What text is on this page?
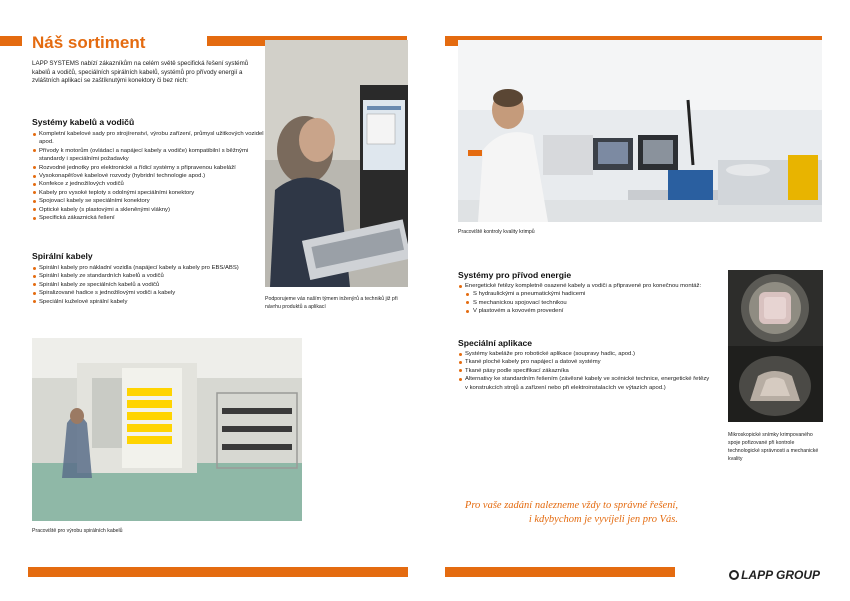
Náš sortiment
LAPP SYSTEMS nabízí zákazníkům na celém světě specifická řešení systémů kabelů a vodičů, speciálních spirálních kabelů, systémů pro přívody energií a zvláštních aplikací se zaštíknutými konektory či bez nich:
Systémy kabelů a vodičů
Kompletní kabelové sady pro strojírenství, výrobu zařízení, průmysl užitkových vozidel apod.
Přívody k motorům (ovládací a napájecí kabely a vodiče) kompatibilní s běžnými standardy i speciálními požadavky
Rozvodné jednotky pro elektronické a řídicí systémy s připravenou kabeláží
Vysokonapěťové kabelové rozvody (hybridní technologie apod.)
Konfekce z jednožilových vodičů
Kabely pro vysoké teploty s odolnými speciálními konektory
Spojovací kabely se speciálními konektory
Optické kabely (s plastovými a skleněnými vlákny)
Specifická zákaznická řešení
Spirální kabely
Spirální kabely pro nákladní vozidla (napájecí kabely a kabely pro EBS/ABS)
Spirální kabely ze standardních kabelů a vodičů
Spirální kabely ze speciálních kabelů a vodičů
Spiralizované hadice s jednožilovými vodiči a kabely
Speciální kuželové spirální kabely	Podporujeme vás naším týmem inženýrů a techniků již při návrhu produktů a aplikací
Pracoviště kontroly kvality krimpů
Pracoviště pro výrobu spirálních kabelů
Systémy pro přívod energie
Energetické řetězy kompletně osazené kabely a vodiči a připravené pro konečnou montáž:
S hydraulickými a pneumatickými hadicemi
S mechanickou spojovací technikou
V plastovém a kovovém provedení
Speciální aplikace
Systémy kabeláže pro robotické aplikace (soupravy hadic, apod.)
Tkané ploché kabely pro napájecí a datové systémy
Tkané pásy podle specifikací zákazníka
Alternativy ke standardním řešením (závěsné kabely ve scénické technice, energetické řetězy v konstrukcích strojů a zařízení nebo při elektroinstalacích ve výtazích apod.)
Mikroskopické snímky krimpovaného spoje pořizované při kontrole technologické správnosti a mechanické kvality
Pro vaše zadání nalezneme vždy to správné řešení,
i kdybychom je vyvíjeli jen pro Vás.
LAPP GROUP
